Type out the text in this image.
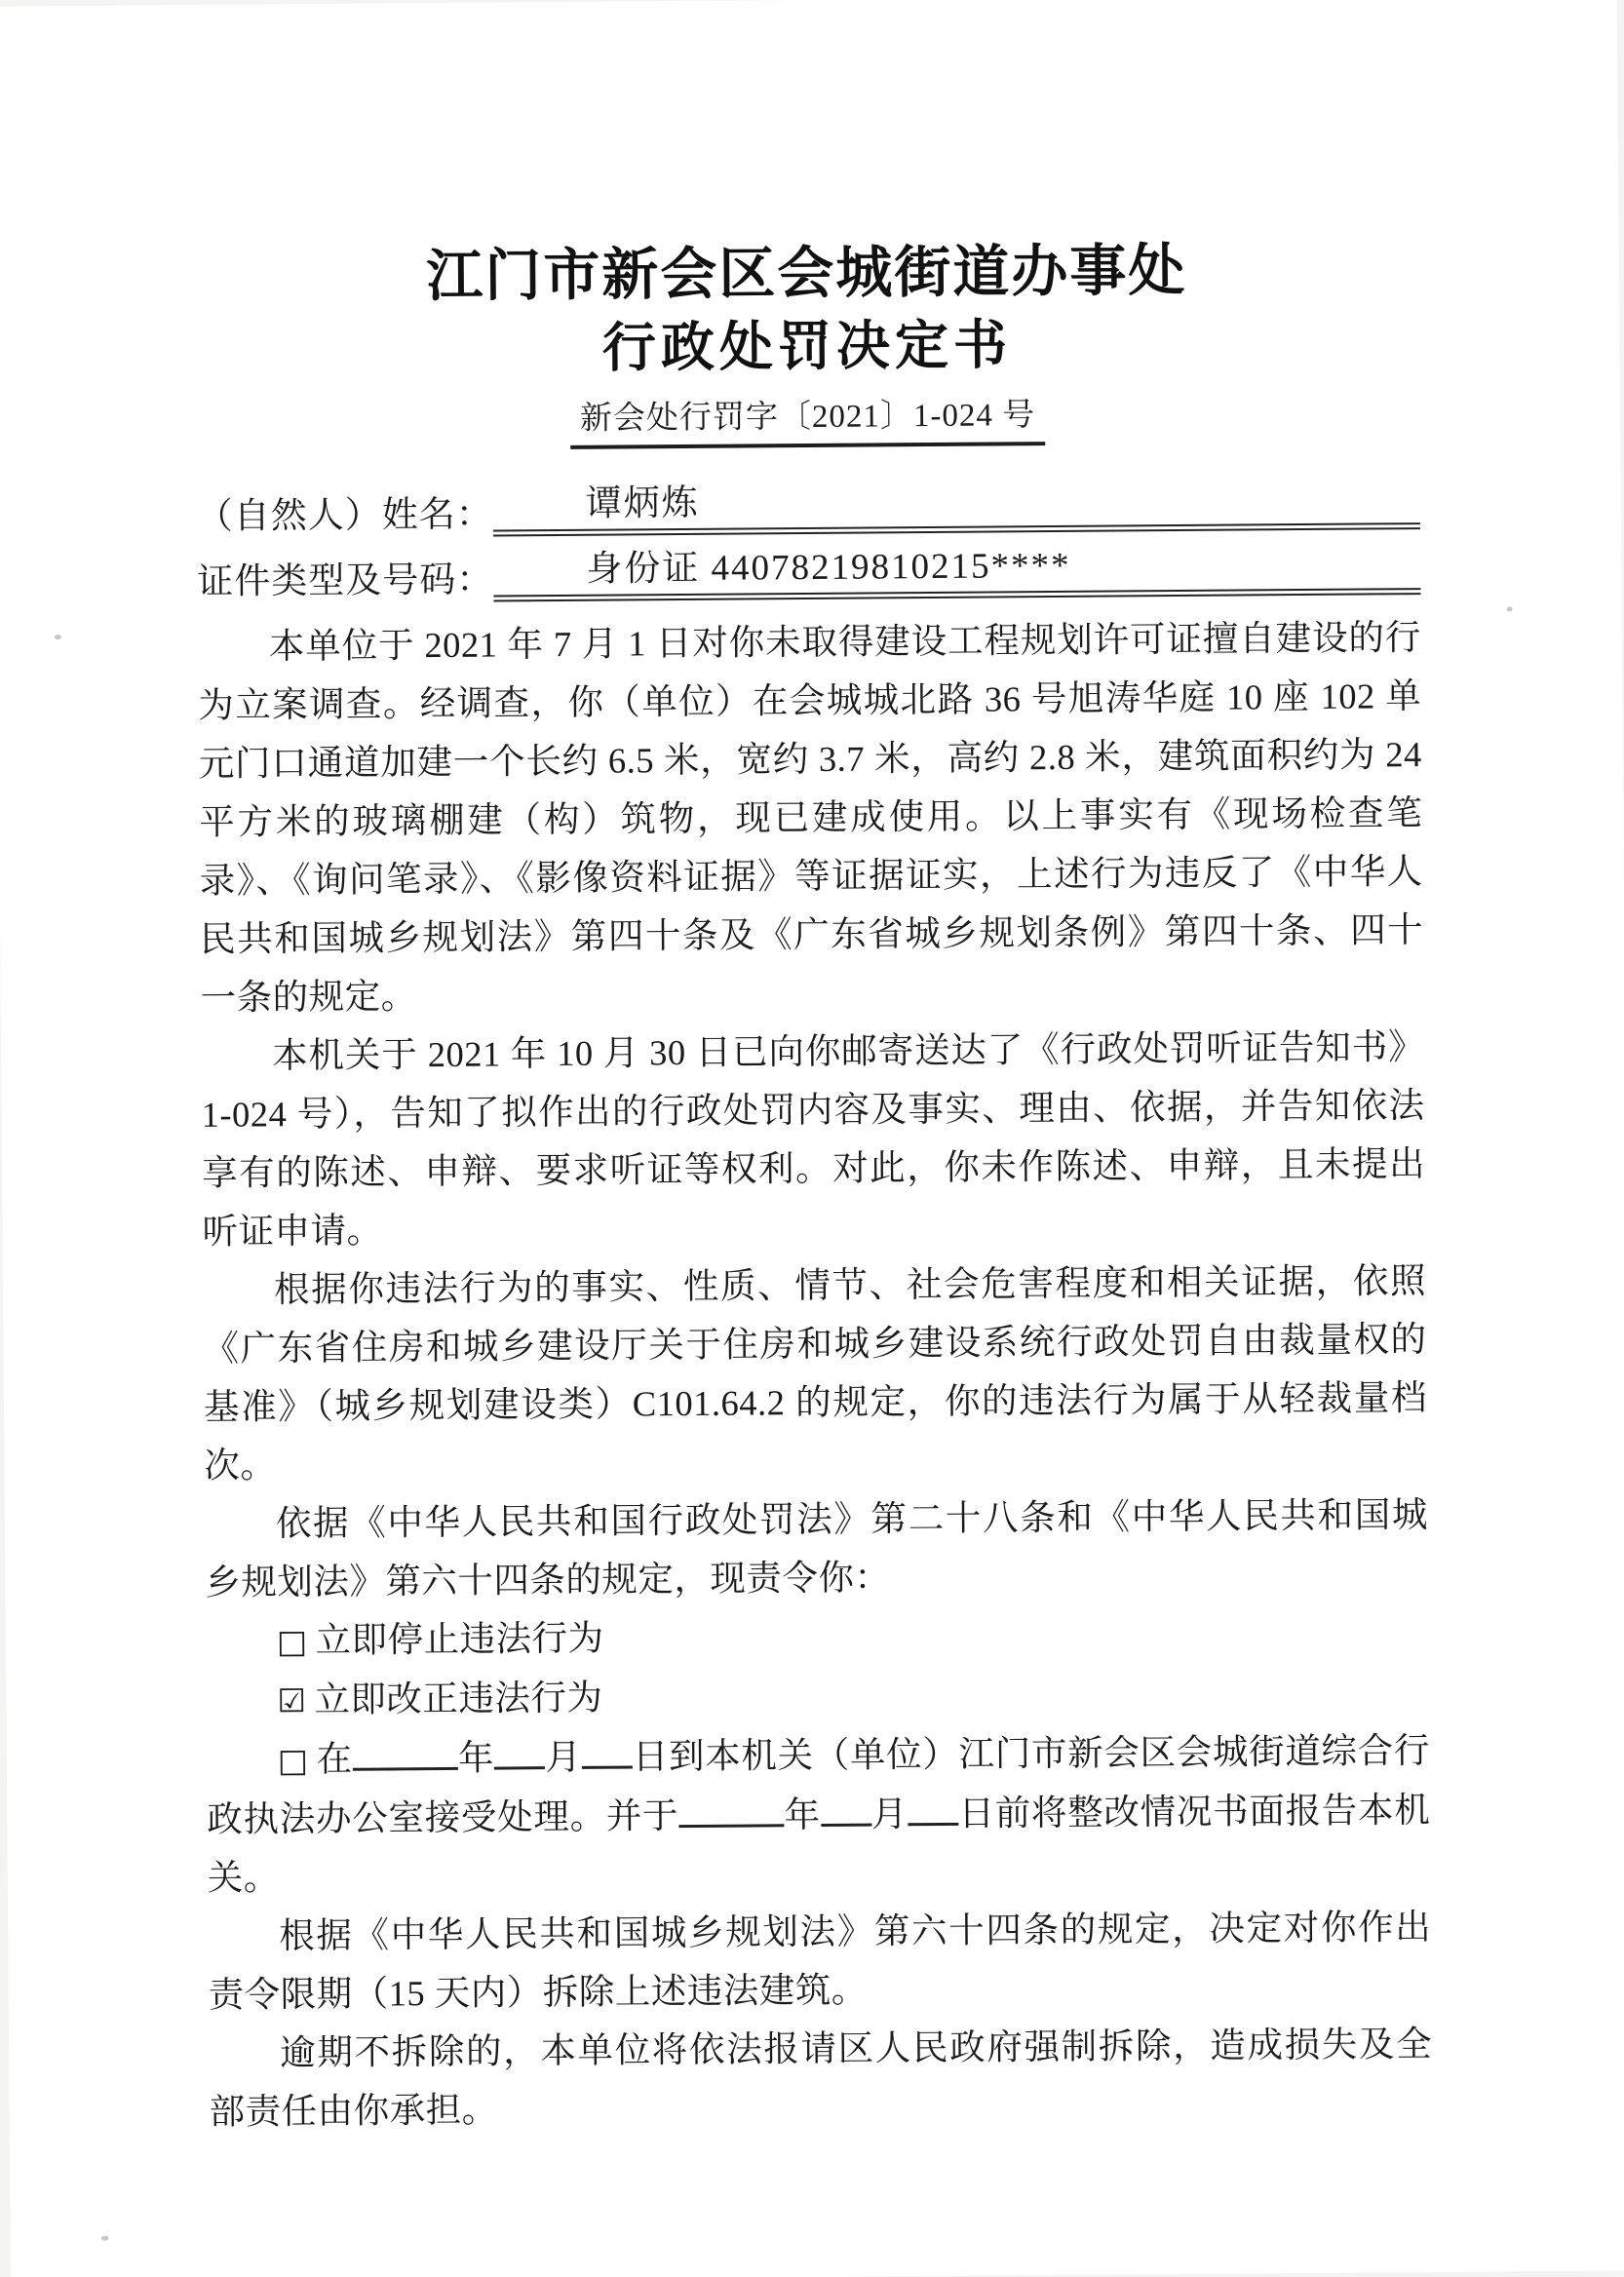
江门市新会区会城街道办事处
行政处罚决定书
新会处行罚字〔2021〕1-024 号
（自然人）姓名：	谭炳炼
证件类型及号码：	身份证 44078219810215****

本单位于 2021 年 7 月 1 日对你未取得建设工程规划许可证擅自建设的行为立案调查。经调查，你（单位）在会城城北路 36 号旭涛华庭 10 座 102 单元门口通道加建一个长约 6.5 米，宽约 3.7 米，高约 2.8 米，建筑面积约为 24 平方米的玻璃棚建（构）筑物，现已建成使用。以上事实有《现场检查笔录》、《询问笔录》、《影像资料证据》等证据证实，上述行为违反了《中华人民共和国城乡规划法》第四十条及《广东省城乡规划条例》第四十条、四十一条的规定。

本机关于 2021 年 10 月 30 日已向你邮寄送达了《行政处罚听证告知书》1-024 号），告知了拟作出的行政处罚内容及事实、理由、依据，并告知依法享有的陈述、申辩、要求听证等权利。对此，你未作陈述、申辩，且未提出听证申请。

根据你违法行为的事实、性质、情节、社会危害程度和相关证据，依照《广东省住房和城乡建设厅关于住房和城乡建设系统行政处罚自由裁量权的基准》（城乡规划建设类）C101.64.2 的规定，你的违法行为属于从轻裁量档次。

依据《中华人民共和国行政处罚法》第二十八条和《中华人民共和国城乡规划法》第六十四条的规定，现责令你：

□ 立即停止违法行为

☑ 立即改正违法行为

□ 在	年 月 日到本机关（单位）江门市新会区会城街道综合行政执法办公室接受处理。并于	年 月 日前将整改情况书面报告本机关。

根据《中华人民共和国城乡规划法》第六十四条的规定，决定对你作出责令限期（15 天内）拆除上述违法建筑。

逾期不拆除的，本单位将依法报请区人民政府强制拆除，造成损失及全部责任由你承担。
